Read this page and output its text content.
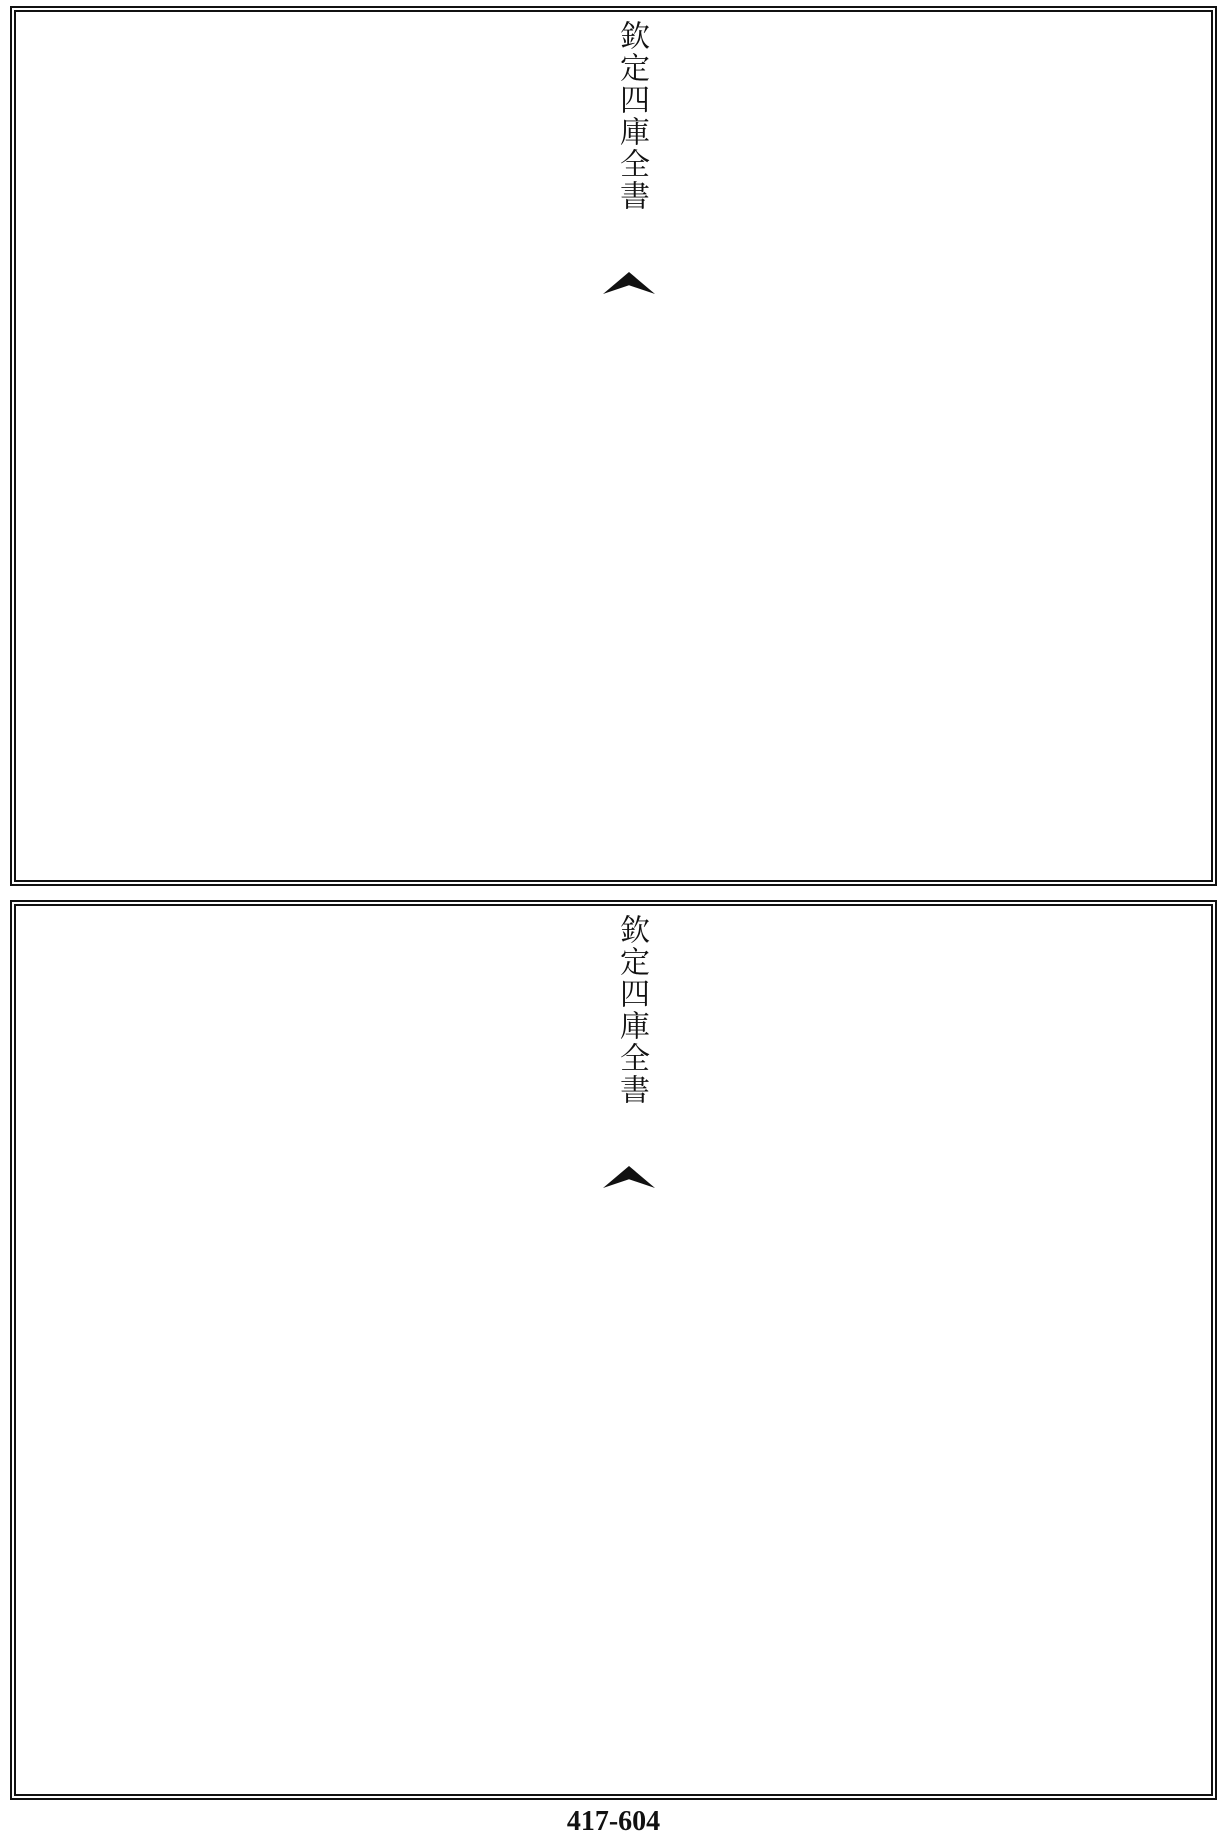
欽定四庫全書
欽定四庫全書
417-604
